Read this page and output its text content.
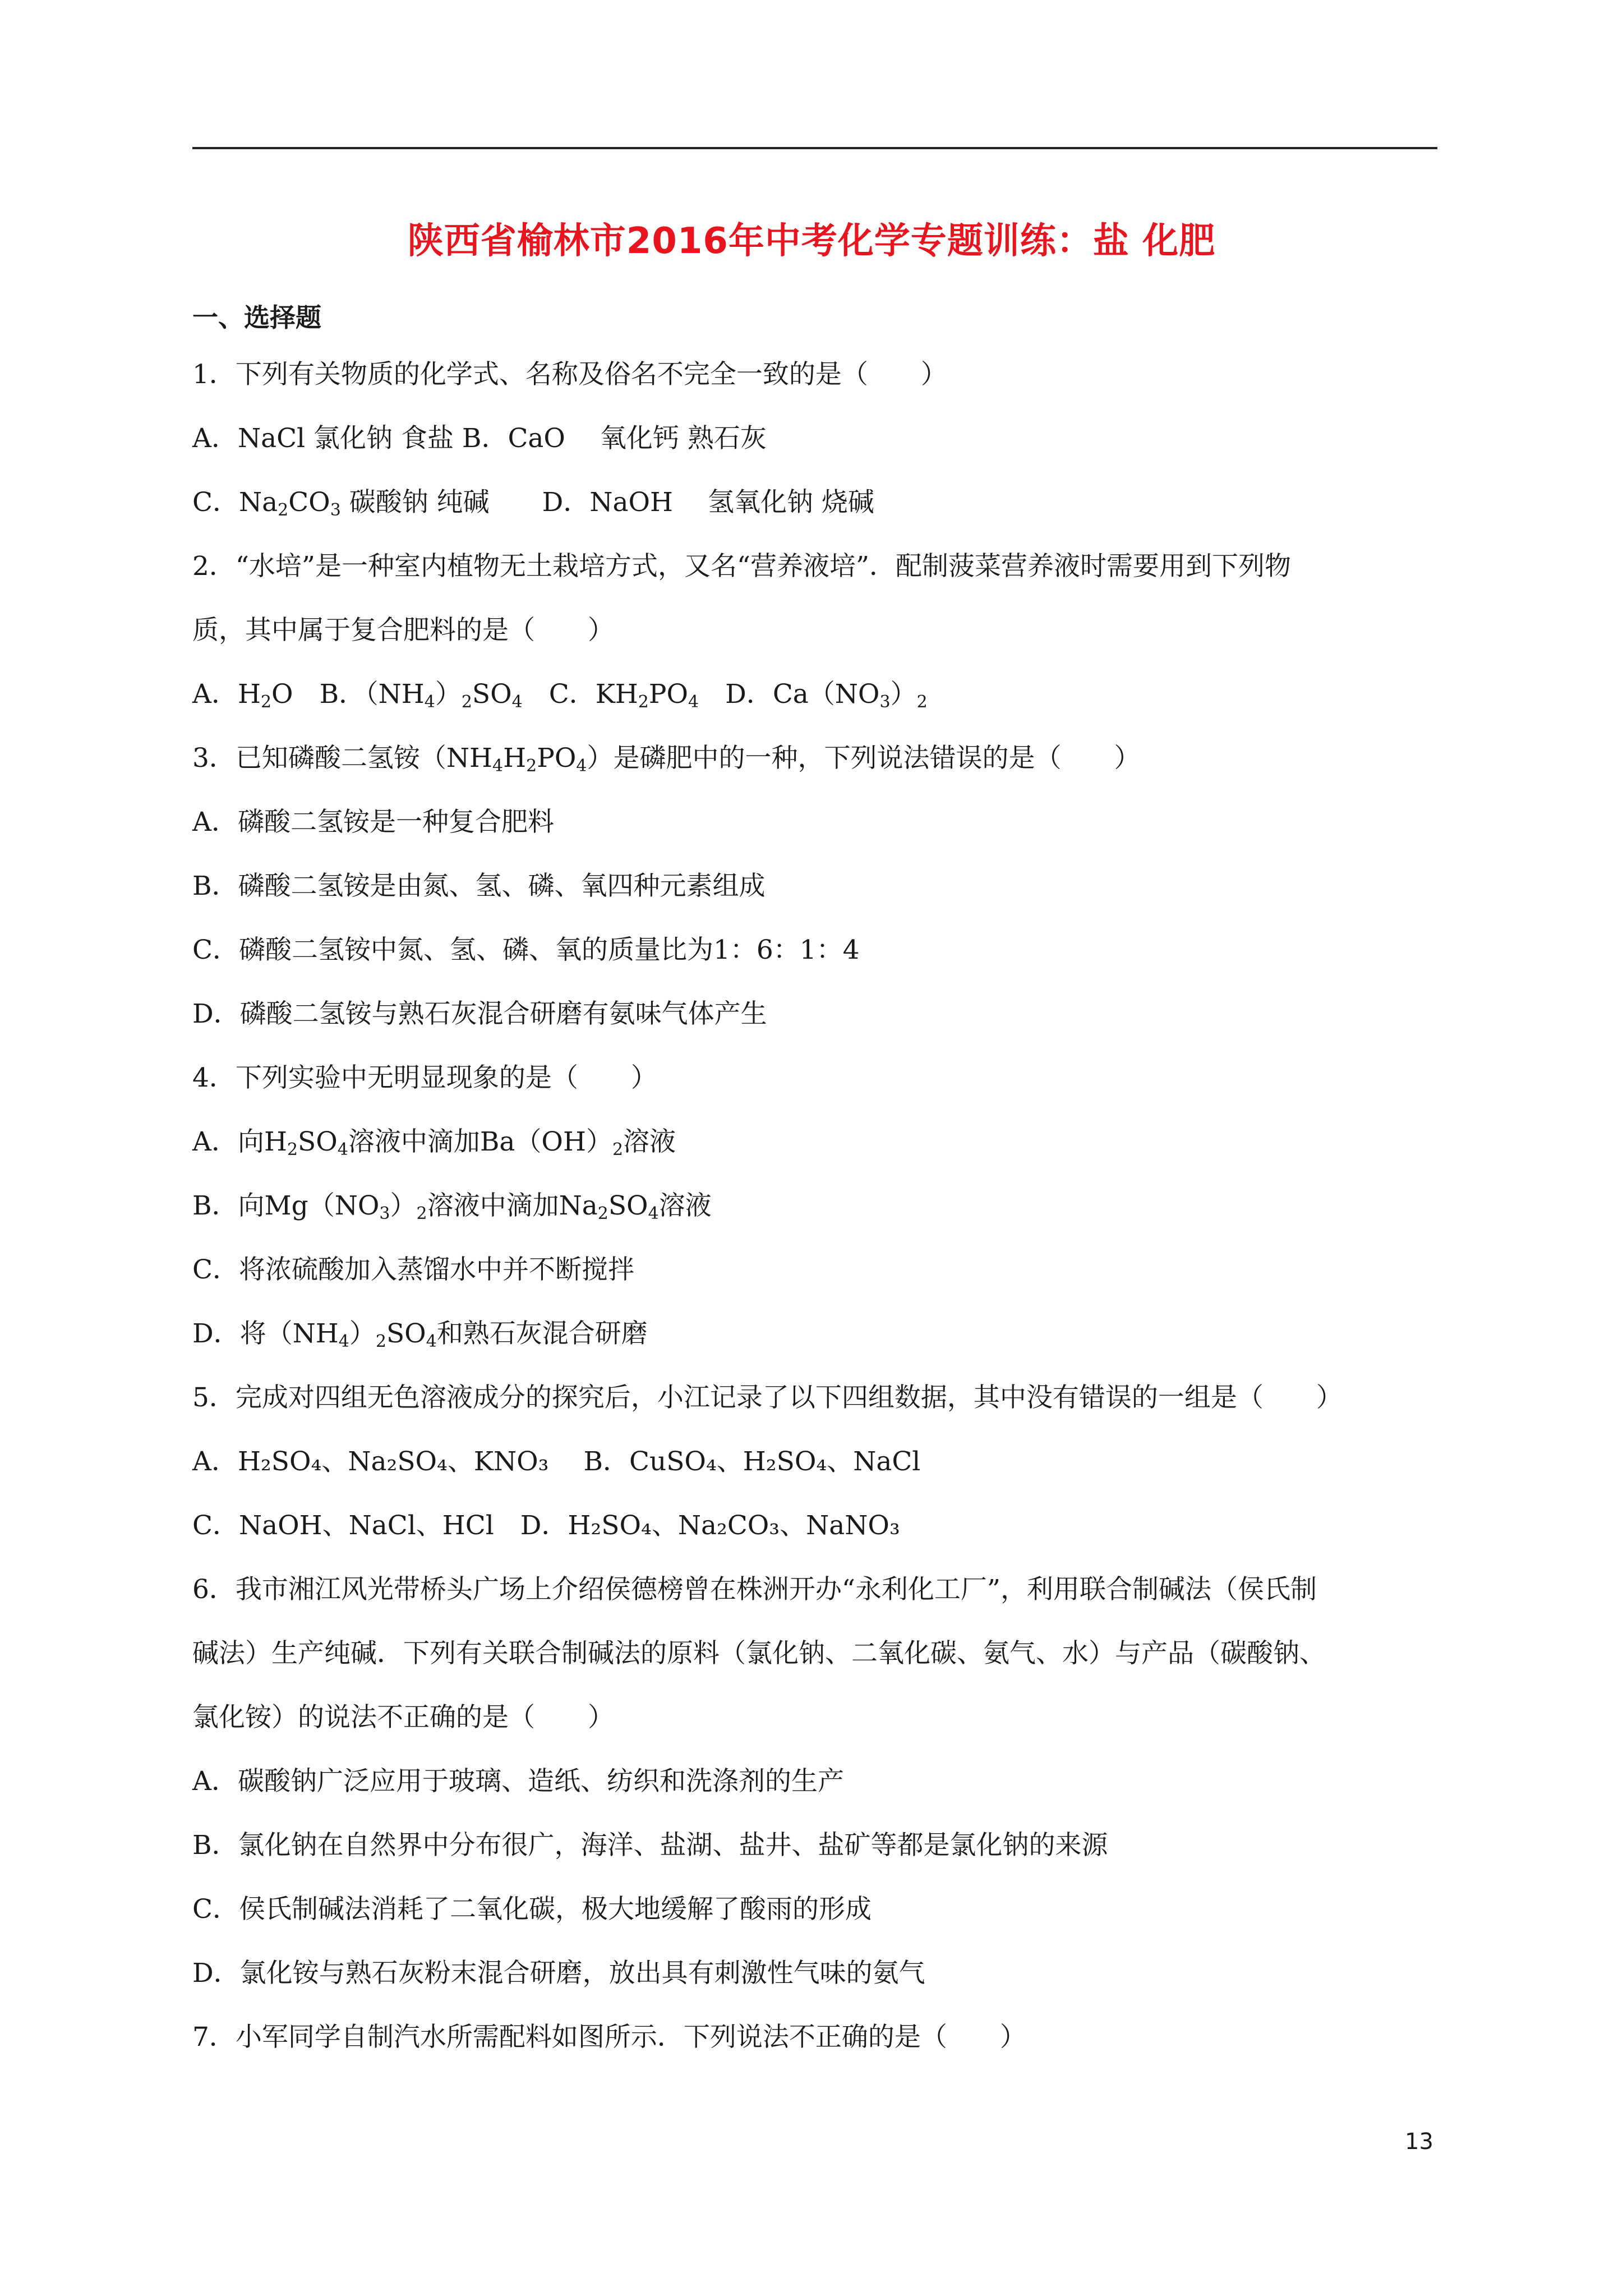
陕西省榆林市2016年中考化学专题训练：盐 化肥
一、选择题
1．下列有关物质的化学式、名称及俗名不完全一致的是（　　）
A．NaCl 氯化钠 食盐 B．CaO　 氧化钙 熟石灰
C．$Na_2CO_3$ 碳酸钠 纯碱　　D．NaOH　 氢氧化钠 烧碱
2．“水培”是一种室内植物无土栽培方式，又名“营养液培”．配制菠菜营养液时需要用到下列物
质，其中属于复合肥料的是（　　）
A．$H_2O$　B．$(NH_4)_2SO_4$　C．$KH_2PO_4$　D．$Ca(NO_3)_2$
3．已知磷酸二氢铵$(NH_4H_2PO_4)$是磷肥中的一种，下列说法错误的是（　　）
A．磷酸二氢铵是一种复合肥料
B．磷酸二氢铵是由氮、氢、磷、氧四种元素组成
C．磷酸二氢铵中氮、氢、磷、氧的质量比为1：6：1：4
D．磷酸二氢铵与熟石灰混合研磨有氨味气体产生
4．下列实验中无明显现象的是（　　）
A．向$H_2SO_4$溶液中滴加$Ba(OH)_2$溶液
B．向$Mg(NO_3)_2$溶液中滴加$Na_2SO_4$溶液
C．将浓硫酸加入蒸馏水中并不断搅拌
D．将$(NH_4)_2SO_4$和熟石灰混合研磨
5．完成对四组无色溶液成分的探究后，小江记录了以下四组数据，其中没有错误的一组是（　　）
A．H₂SO₄、Na₂SO₄、KNO₃　 B．CuSO₄、H₂SO₄、NaCl
C．NaOH、NaCl、HCl　D．H₂SO₄、Na₂CO₃、NaNO₃
6．我市湘江风光带桥头广场上介绍侯德榜曾在株洲开办“永利化工厂”，利用联合制碱法（侯氏制
碱法）生产纯碱．下列有关联合制碱法的原料（氯化钠、二氧化碳、氨气、水）与产品（碳酸钠、
氯化铵）的说法不正确的是（　　）
A．碳酸钠广泛应用于玻璃、造纸、纺织和洗涤剂的生产
B．氯化钠在自然界中分布很广，海洋、盐湖、盐井、盐矿等都是氯化钠的来源
C．侯氏制碱法消耗了二氧化碳，极大地缓解了酸雨的形成
D．氯化铵与熟石灰粉末混合研磨，放出具有刺激性气味的氨气
7．小军同学自制汽水所需配料如图所示．下列说法不正确的是（　　）
13
